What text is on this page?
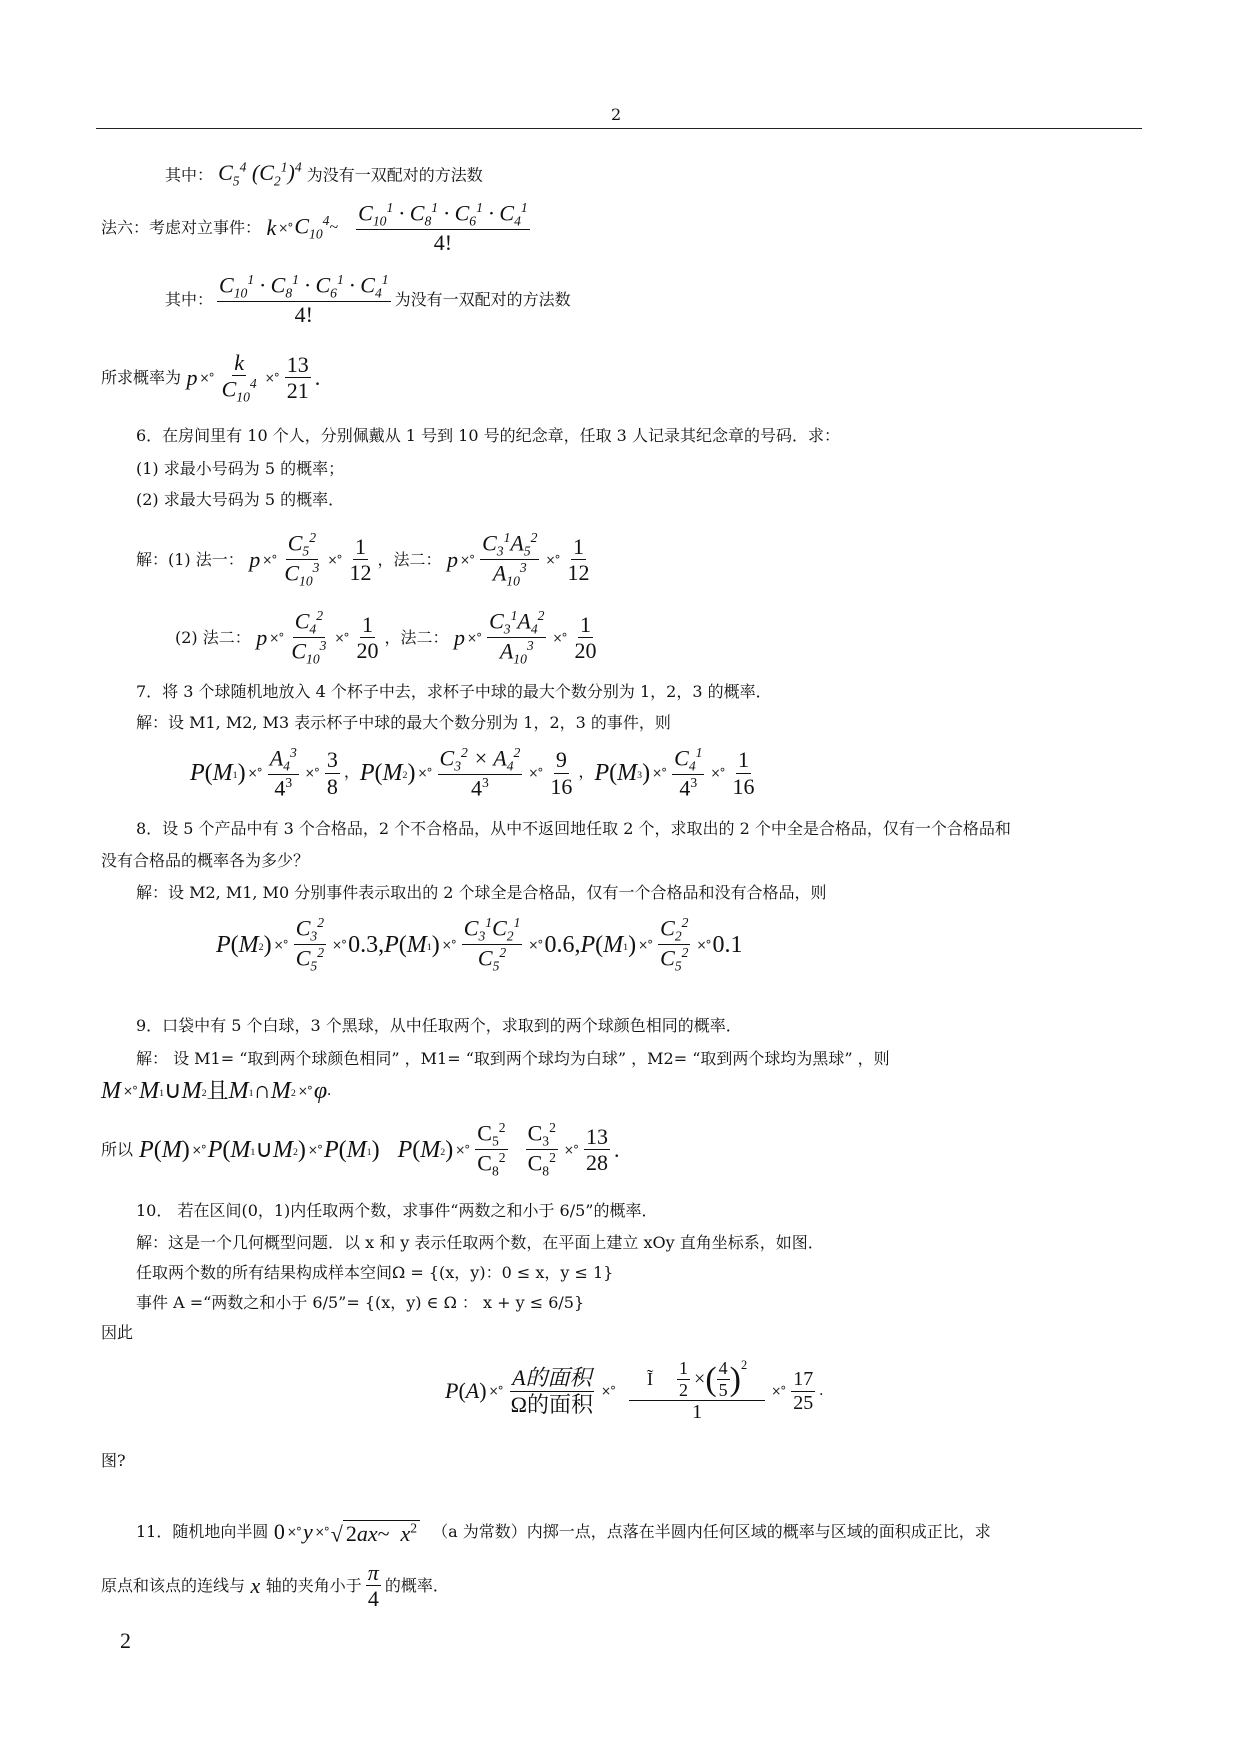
2
其中： $C_5^4$ $(C_2^1)^4$ 为没有一双配对的方法数
法六：考虑对立事件： k ×° $C_{10}^4$ ~ $\frac{C_{10}^1 \cdot C_8^1 \cdot C_6^1 \cdot C_4^1}{4!}$
其中： $\frac{C_{10}^1 \cdot C_8^1 \cdot C_6^1 \cdot C_4^1}{4!}$ 为没有一双配对的方法数
所求概率为 p ×° $\frac{k}{C_{10}^4}$ ×° $\frac{13}{21}$ .
6．在房间里有 10 个人，分别佩戴从 1 号到 10 号的纪念章，任取 3 人记录其纪念章的号码．求：
(1) 求最小号码为 5 的概率；
(2) 求最大号码为 5 的概率．
解：(1) 法一： p ×° $\frac{C_5^2}{C_{10}^3}$ ×° $\frac{1}{12}$ ，法二： p ×° $\frac{C_3^1A_5^2}{A_{10}^3}$ ×° $\frac{1}{12}$
(2) 法二： p ×° $\frac{C_4^2}{C_{10}^3}$ ×° $\frac{1}{20}$ ，法二： p ×° $\frac{C_3^1A_4^2}{A_{10}^3}$ ×° $\frac{1}{20}$
7．将 3 个球随机地放入 4 个杯子中去，求杯子中球的最大个数分别为 1，2，3 的概率．
解：设 M1, M2, M3 表示杯子中球的最大个数分别为 1，2，3 的事件，则
P ( M $_1$ ) ×° $\frac{A_4^3}{4^3}$ ×° $\frac{3}{8}$ ， P ( M $_2$ ) ×° $\frac{C_3^2 \times A_4^2}{4^3}$ ×° $\frac{9}{16}$ ， P ( M $_3$ ) ×° $\frac{C_4^1}{4^3}$ ×° $\frac{1}{16}$
8．设 5 个产品中有 3 个合格品，2 个不合格品，从中不返回地任取 2 个，求取出的 2 个中全是合格品，仅有一个合格品和
没有合格品的概率各为多少？
解：设 M2, M1, M0 分别事件表示取出的 2 个球全是合格品，仅有一个合格品和没有合格品，则
P ( M $_2$ ) ×° $\frac{C_3^2}{C_5^2}$ ×° 0.3 , P ( M $_1$ ) ×° $\frac{C_3^1C_2^1}{C_5^2}$ ×° 0.6 , P ( M $_1$ ) ×° $\frac{C_2^2}{C_5^2}$ ×° 0.1
9．口袋中有 5 个白球，3 个黑球，从中任取两个，求取到的两个球颜色相同的概率．
解： 设 M1= “取到两个球颜色相同” ，M1= “取到两个球均为白球” ，M2= “取到两个球均为黑球” ，则
M ×° M $_1$ ∪ M $_2$ 且 M $_1$ ∩ M $_2$ ×° φ .
所以 P ( M ) ×° P ( M $_1$ ∪ M $_2$ ) ×° P ( M $_1$ ) P ( M $_2$ ) ×° $\frac{C_5^2}{C_8^2} \frac{C_3^2}{C_8^2}$ ×° $\frac{13}{28}$ .
10． 若在区间(0，1)内任取两个数，求事件“两数之和小于 6/5”的概率．
解：这是一个几何概型问题．以 x 和 y 表示任取两个数，在平面上建立 xOy 直角坐标系，如图．
任取两个数的所有结果构成样本空间Ω = {(x，y)：0 ≤ x，y ≤ 1}
事件 A =“两数之和小于 6/5”= {(x，y) ∈ Ω ： x + y ≤ 6/5}
因此
P ( A ) ×° $\frac{\text{A的面积}}{\text{Ω的面积}}$ ×° $\frac{Ĩ \frac{1}{2} \times ( \frac{4}{5} )^2}{1}$ ×° $\frac{17}{25}$ .
图?
11．随机地向半圆 0 ×° y ×° √ 2ax~  $x^2$ （a 为常数）内掷一点，点落在半圆内任何区域的概率与区域的面积成正比，求
原点和该点的连线与 x 轴的夹角小于 $\frac{\pi}{4}$ 的概率．
2
